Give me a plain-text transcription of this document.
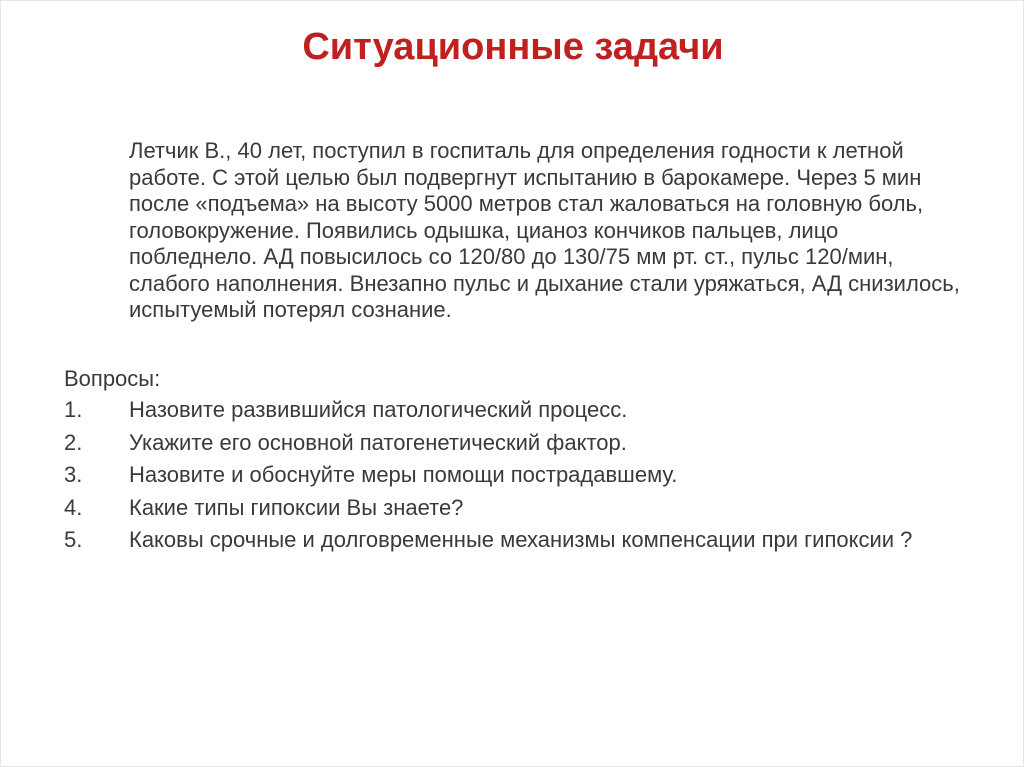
Ситуационные задачи

Летчик В., 40 лет, поступил в госпиталь для определения годности к летной работе. С этой целью был подвергнут испытанию в барокамере. Через 5 мин после «подъема» на высоту 5000 метров стал жаловаться на головную боль, головокружение. Появились одышка, цианоз кончиков пальцев, лицо побледнело. АД повысилось со 120/80 до 130/75 мм рт. ст., пульс 120/мин, слабого наполнения. Внезапно пульс и дыхание стали уряжаться, АД снизилось, испытуемый потерял сознание.

Вопросы:

1.	Назовите развившийся патологический процесс.
2.	Укажите его основной патогенетический фактор.
3.	Назовите и обоснуйте меры помощи пострадавшему.
4.	Какие типы гипоксии Вы знаете?
5.	Каковы срочные и долговременные механизмы компенсации при гипоксии ?
